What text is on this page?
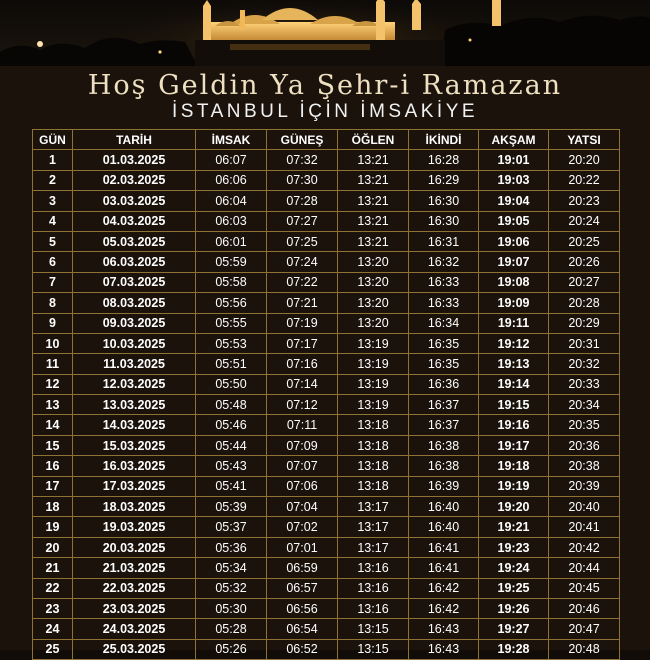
Hoş Geldin Ya Şehr-i Ramazan
İSTANBUL İÇİN İMSAKİYE
GÜN	TARİH	İMSAK	GÜNEŞ	ÖĞLEN	İKİNDİ	AKŞAM	YATSI
1	01.03.2025	06:07	07:32	13:21	16:28	19:01	20:20
2	02.03.2025	06:06	07:30	13:21	16:29	19:03	20:22
3	03.03.2025	06:04	07:28	13:21	16:30	19:04	20:23
4	04.03.2025	06:03	07:27	13:21	16:30	19:05	20:24
5	05.03.2025	06:01	07:25	13:21	16:31	19:06	20:25
6	06.03.2025	05:59	07:24	13:20	16:32	19:07	20:26
7	07.03.2025	05:58	07:22	13:20	16:33	19:08	20:27
8	08.03.2025	05:56	07:21	13:20	16:33	19:09	20:28
9	09.03.2025	05:55	07:19	13:20	16:34	19:11	20:29
10	10.03.2025	05:53	07:17	13:19	16:35	19:12	20:31
11	11.03.2025	05:51	07:16	13:19	16:35	19:13	20:32
12	12.03.2025	05:50	07:14	13:19	16:36	19:14	20:33
13	13.03.2025	05:48	07:12	13:19	16:37	19:15	20:34
14	14.03.2025	05:46	07:11	13:18	16:37	19:16	20:35
15	15.03.2025	05:44	07:09	13:18	16:38	19:17	20:36
16	16.03.2025	05:43	07:07	13:18	16:38	19:18	20:38
17	17.03.2025	05:41	07:06	13:18	16:39	19:19	20:39
18	18.03.2025	05:39	07:04	13:17	16:40	19:20	20:40
19	19.03.2025	05:37	07:02	13:17	16:40	19:21	20:41
20	20.03.2025	05:36	07:01	13:17	16:41	19:23	20:42
21	21.03.2025	05:34	06:59	13:16	16:41	19:24	20:44
22	22.03.2025	05:32	06:57	13:16	16:42	19:25	20:45
23	23.03.2025	05:30	06:56	13:16	16:42	19:26	20:46
24	24.03.2025	05:28	06:54	13:15	16:43	19:27	20:47
25	25.03.2025	05:26	06:52	13:15	16:43	19:28	20:48
